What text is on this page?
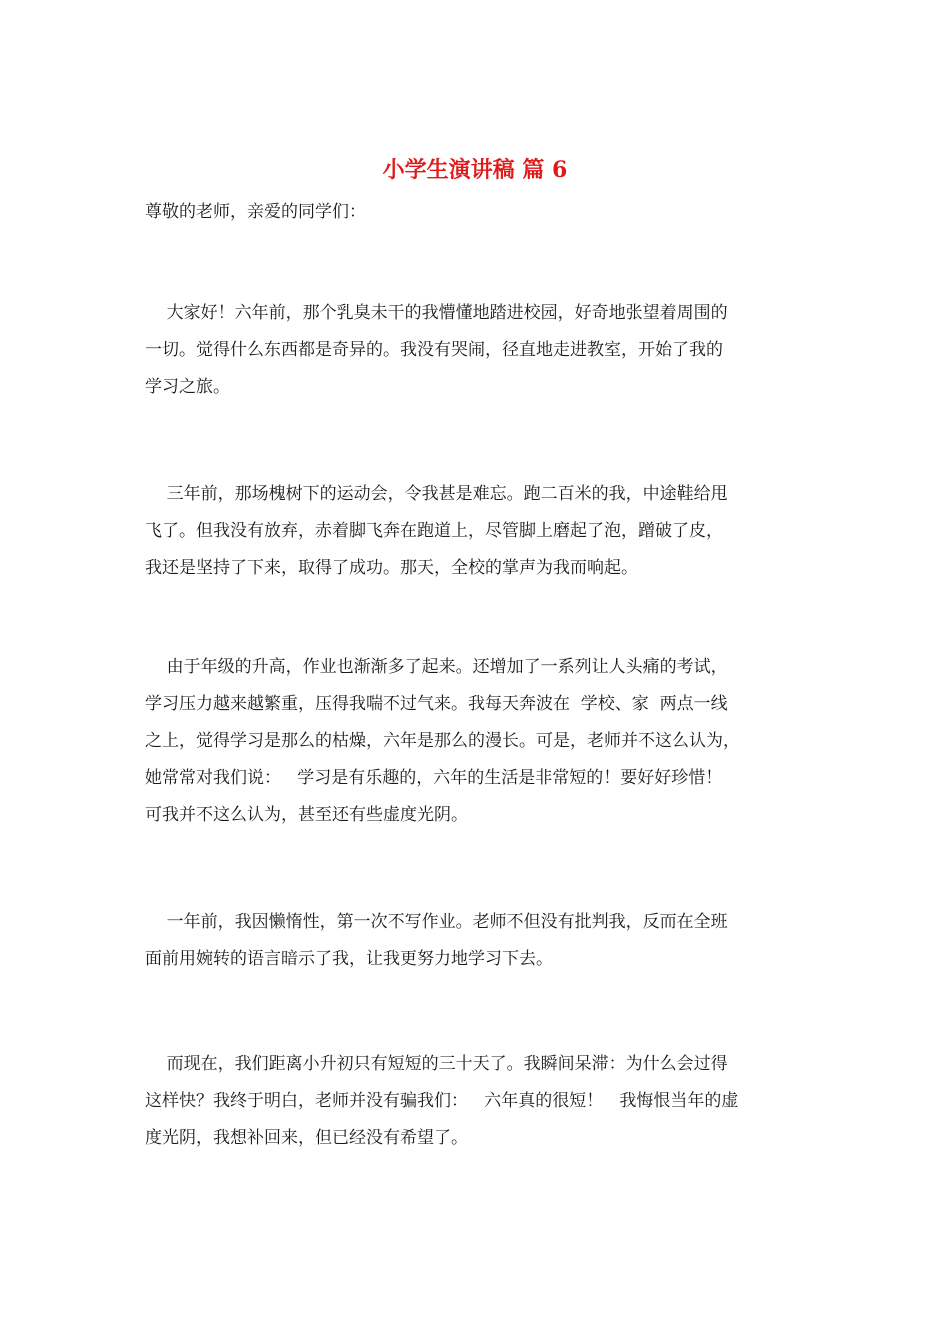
小学生演讲稿 篇 6

尊敬的老师，亲爱的同学们：

大家好！六年前，那个乳臭未干的我懵懂地踏进校园，好奇地张望着周围的
一切。觉得什么东西都是奇异的。我没有哭闹，径直地走进教室，开始了我的
学习之旅。

三年前，那场槐树下的运动会，令我甚是难忘。跑二百米的我，中途鞋给甩
飞了。但我没有放弃，赤着脚飞奔在跑道上，尽管脚上磨起了泡，蹭破了皮，
我还是坚持了下来，取得了成功。那天，全校的掌声为我而响起。

由于年级的升高，作业也渐渐多了起来。还增加了一系列让人头痛的考试，
学习压力越来越繁重，压得我喘不过气来。我每天奔波在  学校、家  两点一线
之上，觉得学习是那么的枯燥，六年是那么的漫长。可是，老师并不这么认为，
她常常对我们说：   学习是有乐趣的，六年的生活是非常短的！要好好珍惜！
可我并不这么认为，甚至还有些虚度光阴。

一年前，我因懒惰性，第一次不写作业。老师不但没有批判我，反而在全班
面前用婉转的语言暗示了我，让我更努力地学习下去。

而现在，我们距离小升初只有短短的三十天了。我瞬间呆滞：为什么会过得
这样快？我终于明白，老师并没有骗我们：   六年真的很短！   我悔恨当年的虚
度光阴，我想补回来，但已经没有希望了。
